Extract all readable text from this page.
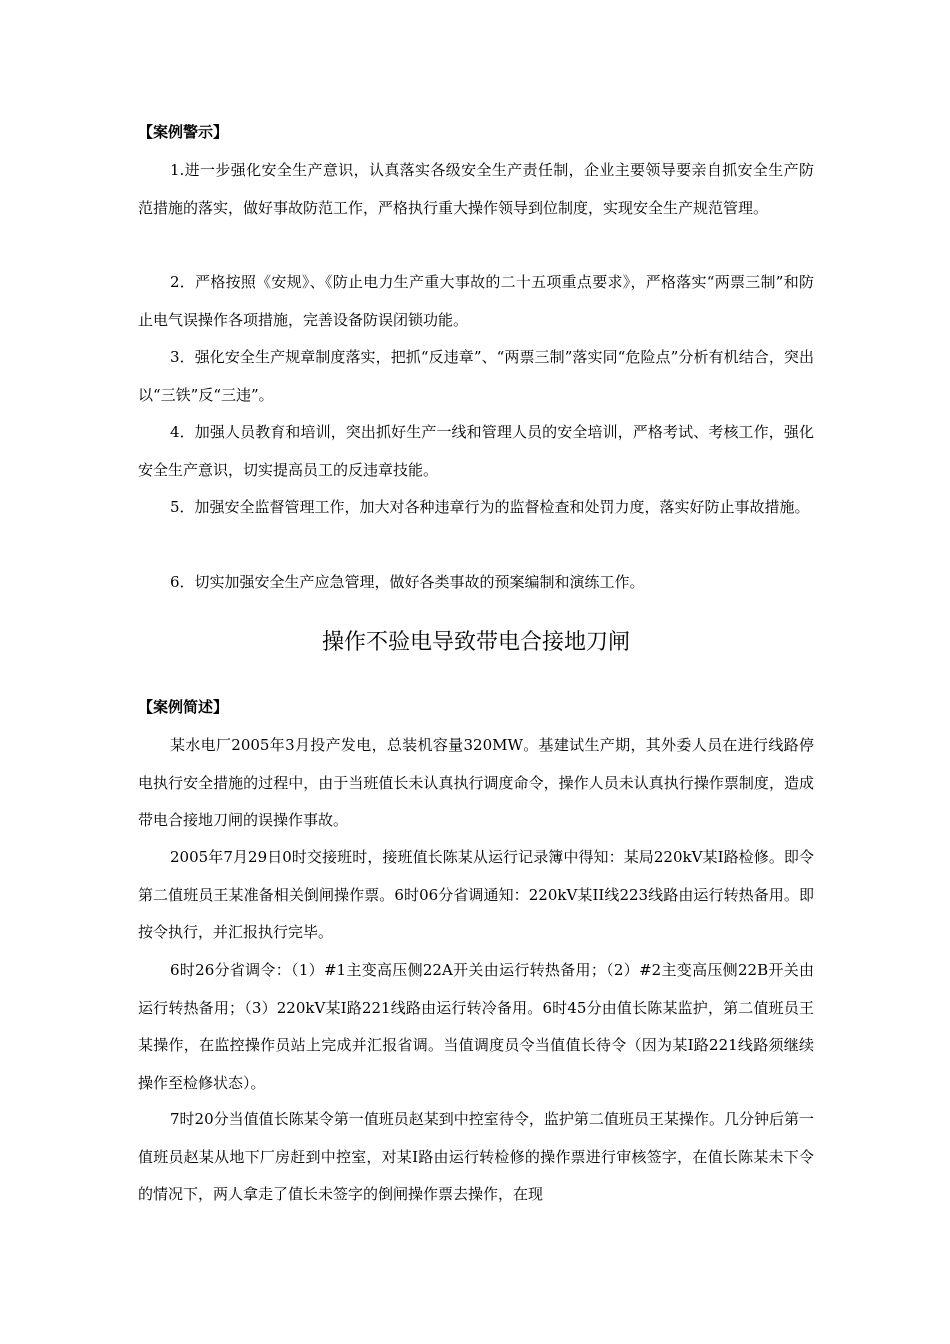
【案例警示】

1.进一步强化安全生产意识，认真落实各级安全生产责任制，企业主要领导要亲自抓安全生产防范措施的落实，做好事故防范工作，严格执行重大操作领导到位制度，实现安全生产规范管理。

2．严格按照《安规》、《防止电力生产重大事故的二十五项重点要求》，严格落实“两票三制”和防止电气误操作各项措施，完善设备防误闭锁功能。

3．强化安全生产规章制度落实，把抓“反违章”、“两票三制”落实同“危险点”分析有机结合，突出以“三铁”反“三违”。

4．加强人员教育和培训，突出抓好生产一线和管理人员的安全培训，严格考试、考核工作，强化安全生产意识，切实提高员工的反违章技能。

5．加强安全监督管理工作，加大对各种违章行为的监督检查和处罚力度，落实好防止事故措施。

6．切实加强安全生产应急管理，做好各类事故的预案编制和演练工作。

操作不验电导致带电合接地刀闸
【案例简述】

某水电厂2005年3月投产发电，总装机容量320MW。基建试生产期，其外委人员在进行线路停电执行安全措施的过程中，由于当班值长未认真执行调度命令，操作人员未认真执行操作票制度，造成带电合接地刀闸的误操作事故。

2005年7月29日0时交接班时，接班值长陈某从运行记录簿中得知：某局220kV某I路检修。即令第二值班员王某准备相关倒闸操作票。6时06分省调通知：220kV某II线223线路由运行转热备用。即按令执行，并汇报执行完毕。

6时26分省调令：（1）#1主变高压侧22A开关由运行转热备用；（2）#2主变高压侧22B开关由运行转热备用；（3）220kV某I路221线路由运行转冷备用。6时45分由值长陈某监护，第二值班员王某操作，在监控操作员站上完成并汇报省调。当值调度员令当值值长待令（因为某I路221线路须继续操作至检修状态）。

7时20分当值值长陈某令第一值班员赵某到中控室待令，监护第二值班员王某操作。几分钟后第一值班员赵某从地下厂房赶到中控室，对某I路由运行转检修的操作票进行审核签字，在值长陈某未下令的情况下，两人拿走了值长未签字的倒闸操作票去操作，在现
